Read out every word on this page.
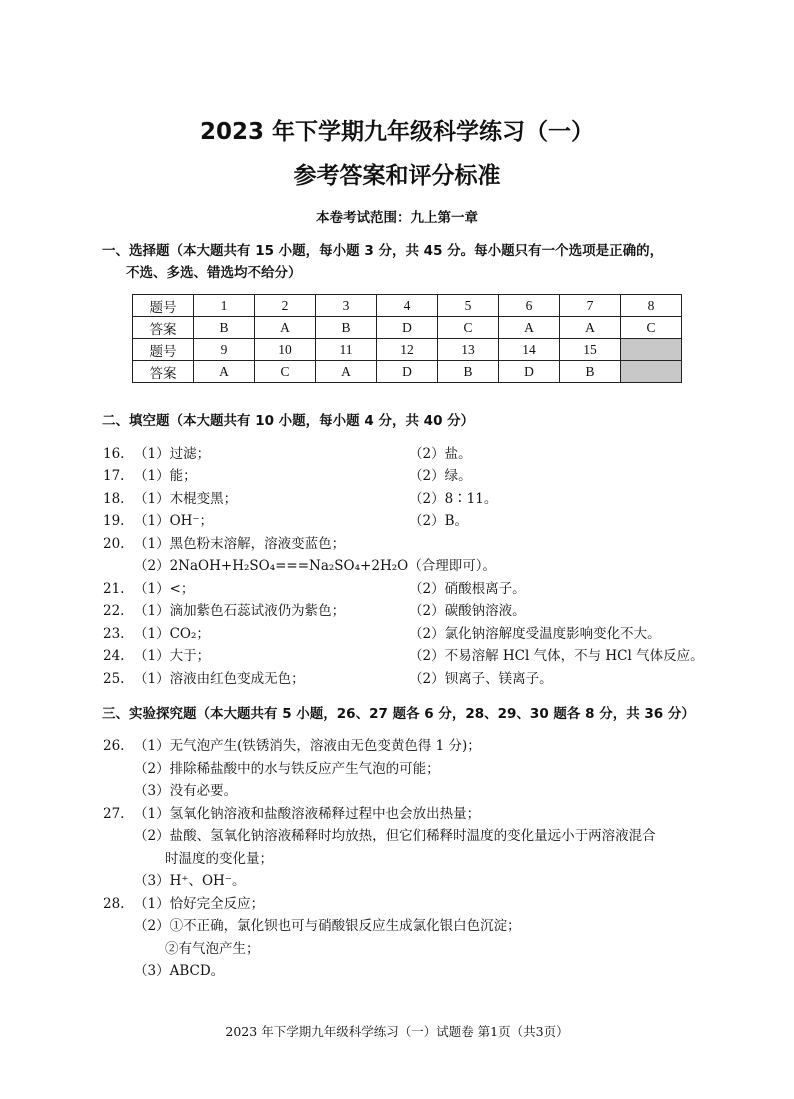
2023 年下学期九年级科学练习（一）
参考答案和评分标准
本卷考试范围：九上第一章
一、选择题（本大题共有 15 小题，每小题 3 分，共 45 分。每小题只有一个选项是正确的，
不选、多选、错选均不给分）
题号	1	2	3	4	5	6	7	8
答案	B	A	B	D	C	A	A	C
题号	9	10	11	12	13	14	15	
答案	A	C	A	D	B	D	B	
二、填空题（本大题共有 10 小题，每小题 4 分，共 40 分）
16. （1）过滤；	（2）盐。
17. （1）能；	（2）绿。
18. （1）木棍变黑；	（2）8∶11。
19. （1）OH⁻；	（2）B。
20. （1）黑色粉末溶解，溶液变蓝色；
（2）2NaOH+H₂SO₄===Na₂SO₄+2H₂O（合理即可）。
21. （1）<；	（2）硝酸根离子。
22. （1）滴加紫色石蕊试液仍为紫色；	（2）碳酸钠溶液。
23. （1）CO₂；	（2）氯化钠溶解度受温度影响变化不大。
24. （1）大于；	（2）不易溶解 HCl 气体，不与 HCl 气体反应。
25. （1）溶液由红色变成无色；	（2）钡离子、镁离子。
三、实验探究题（本大题共有 5 小题，26、27 题各 6 分，28、29、30 题各 8 分，共 36 分）
26. （1）无气泡产生(铁锈消失，溶液由无色变黄色得 1 分)；
（2）排除稀盐酸中的水与铁反应产生气泡的可能；
（3）没有必要。
27. （1）氢氧化钠溶液和盐酸溶液稀释过程中也会放出热量；
（2）盐酸、氢氧化钠溶液稀释时均放热，但它们稀释时温度的变化量远小于两溶液混合
时温度的变化量；
（3）H⁺、OH⁻。
28. （1）恰好完全反应；
（2）①不正确，氯化钡也可与硝酸银反应生成氯化银白色沉淀；
②有气泡产生；
（3）ABCD。
2023 年下学期九年级科学练习（一）试题卷 第1页（共3页）
